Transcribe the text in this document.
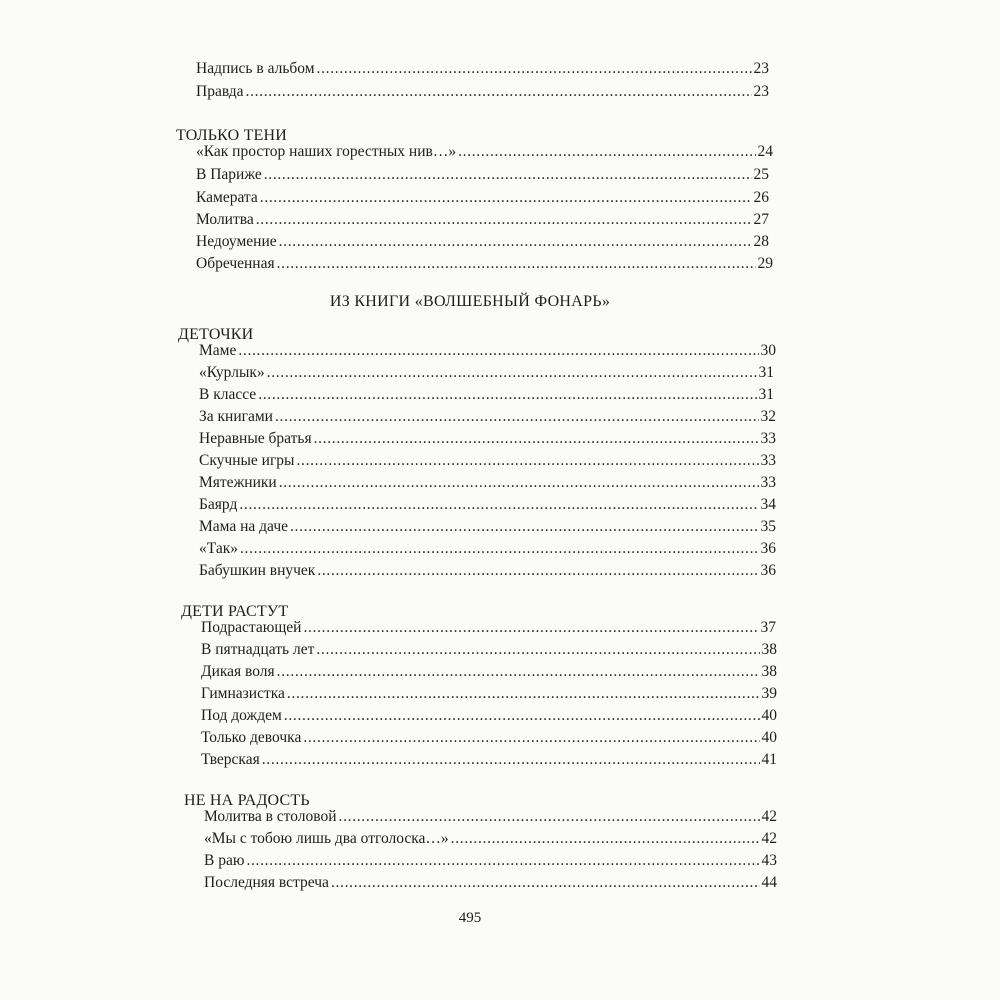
Надпись в альбом . . .	23
Правда . . .	23
ТОЛЬКО ТЕНИ
«Как простор наших горестных нив…» . . .	24
В Париже . . .	25
Камерата . . .	26
Молитва . . .	27
Недоумение . . .	28
Обреченная . . .	29
ИЗ КНИГИ «ВОЛШЕБНЫЙ ФОНАРЬ»
ДЕТОЧКИ
Маме . . .	30
«Курлык» . . .	31
В классе . . .	31
За книгами . . .	32
Неравные братья . . .	33
Скучные игры . . .	33
Мятежники . . .	33
Баярд . . .	34
Мама на даче . . .	35
«Так» . . .	36
Бабушкин внучек . . .	36
ДЕТИ РАСТУТ
Подрастающей . . .	37
В пятнадцать лет . . .	38
Дикая воля . . .	38
Гимназистка . . .	39
Под дождем . . .	40
Только девочка . . .	40
Тверская . . .	41
НЕ НА РАДОСТЬ
Молитва в столовой . . .	42
«Мы с тобою лишь два отголоска…» . . .	42
В раю . . .	43
Последняя встреча . . .	44
495
